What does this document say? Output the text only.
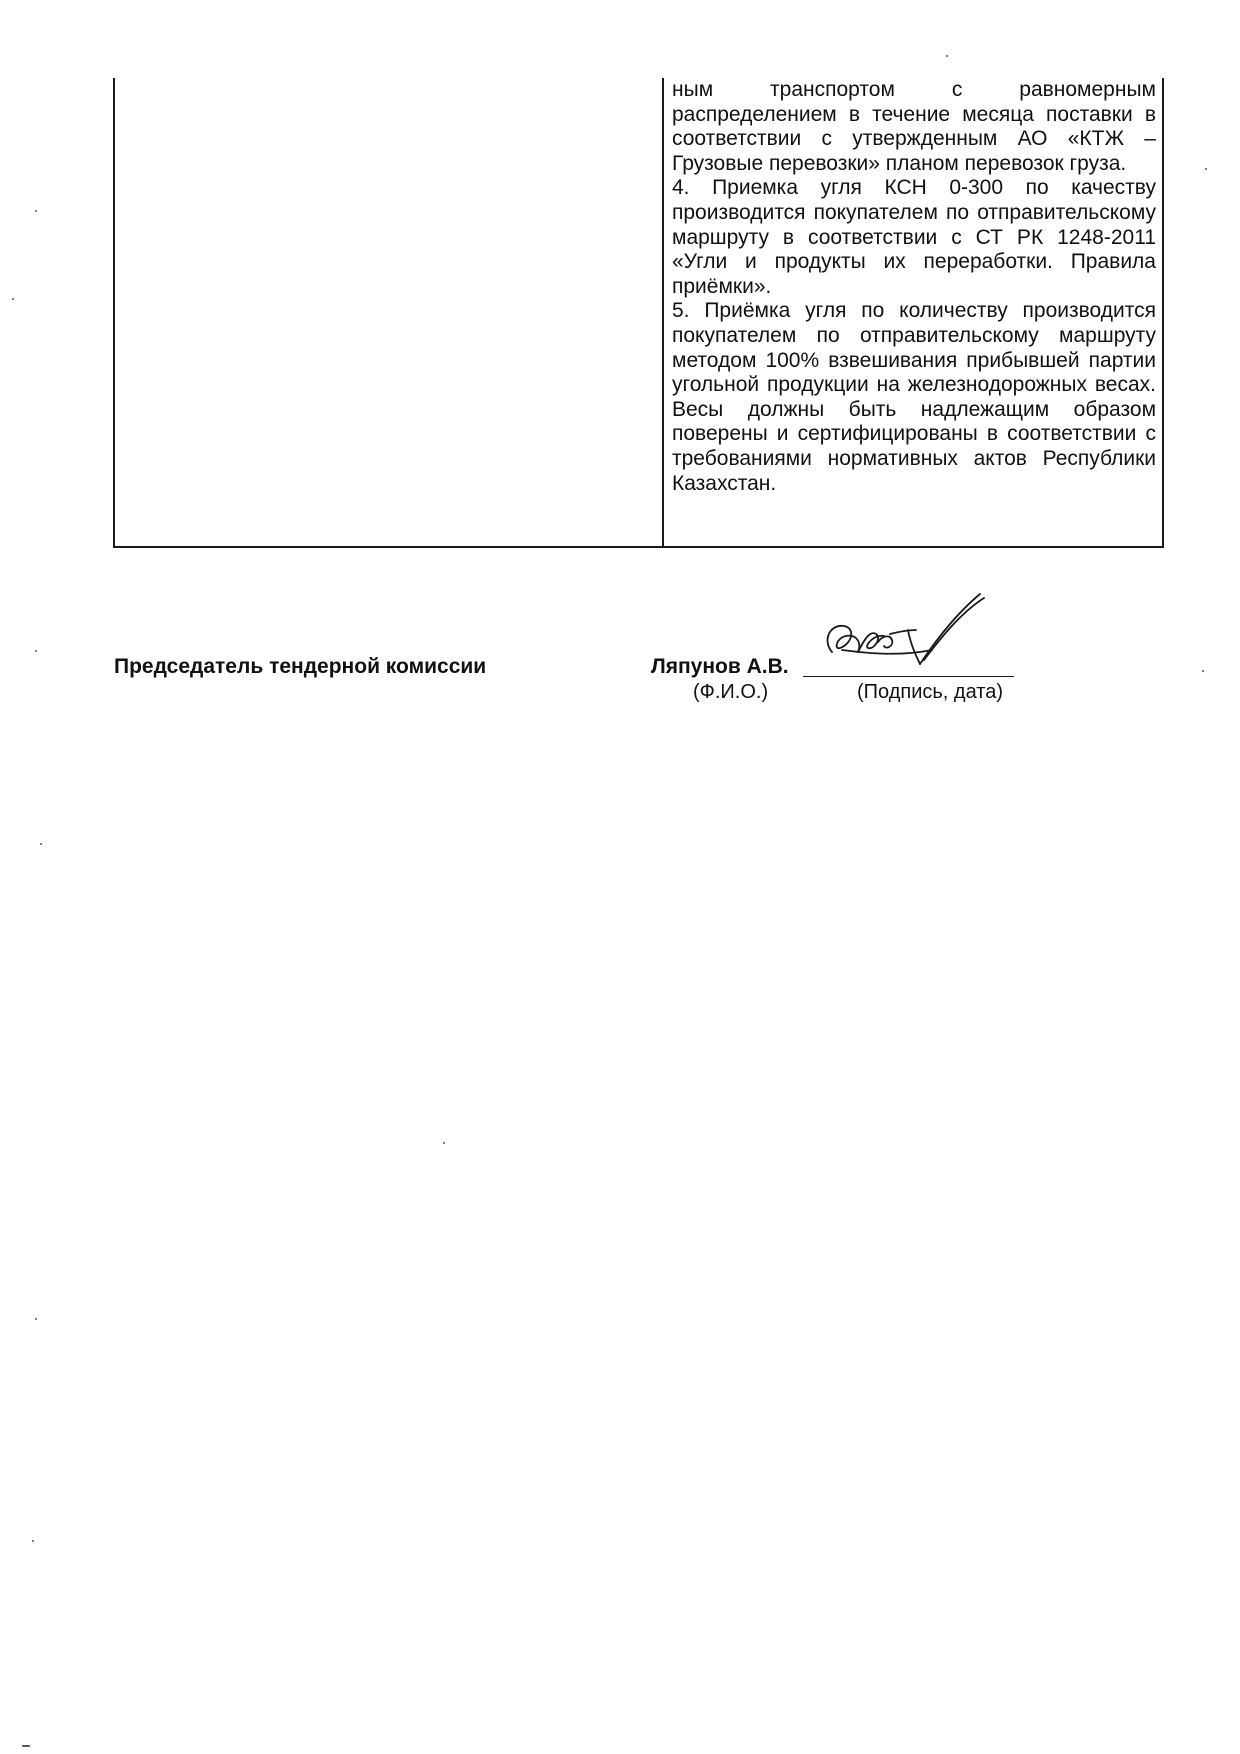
ным транспортом с равномерным распределением в течение месяца поставки в соответствии с утвержденным АО «КТЖ – Грузовые перевозки» планом перевозок груза.

4. Приемка угля КСН 0-300 по качеству производится покупателем по отправительскому маршруту в соответствии с СТ РК 1248-2011 «Угли и продукты их переработки. Правила приёмки».

5. Приёмка угля по количеству производится покупателем по отправительскому маршруту методом 100% взвешивания прибывшей партии угольной продукции на железнодорожных весах. Весы должны быть надлежащим образом поверены и сертифицированы в соответствии с требованиями нормативных актов Республики Казахстан.

Председатель тендерной комиссии	Ляпунов А.В.
(Ф.И.О.)	(Подпись, дата)
